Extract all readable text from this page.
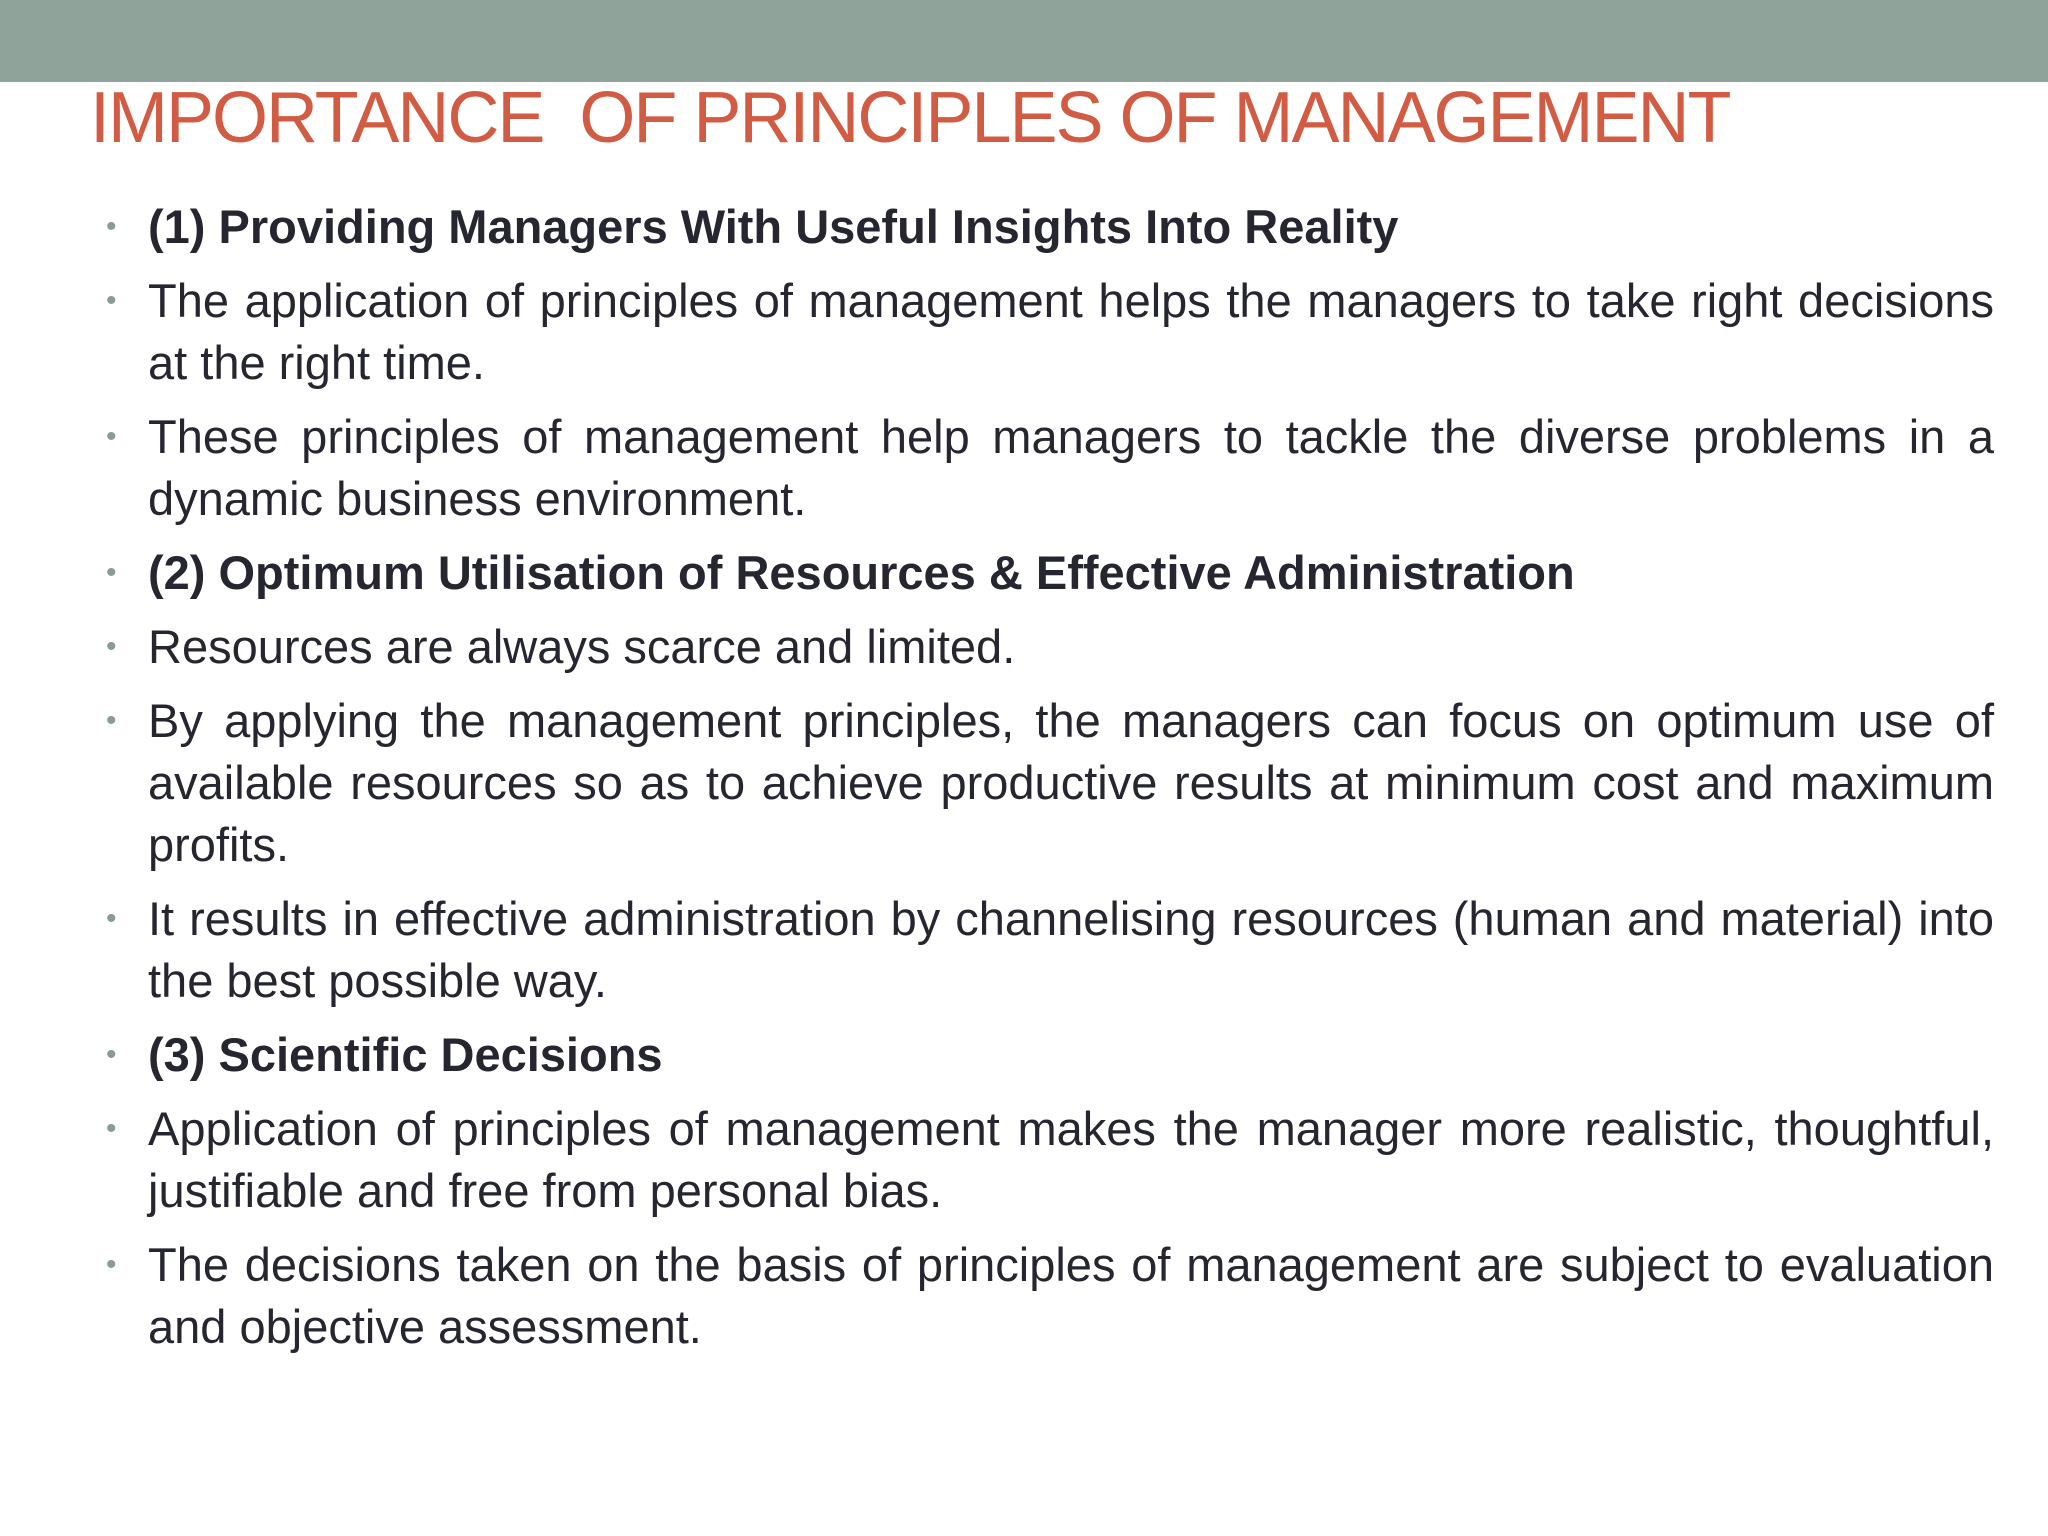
IMPORTANCE  OF PRINCIPLES OF MANAGEMENT
• (1) Providing Managers With Useful Insights Into Reality
• The application of principles of management helps the managers to take right decisions at the right time.
• These principles of management help managers to tackle the diverse problems in a dynamic business environment.
• (2) Optimum Utilisation of Resources & Effective Administration
• Resources are always scarce and limited.
• By applying the management principles, the managers can focus on optimum use of available resources so as to achieve productive results at minimum cost and maximum profits.
• It results in effective administration by channelising resources (human and material) into the best possible way.
• (3) Scientific Decisions
• Application of principles of management makes the manager more realistic, thoughtful, justifiable and free from personal bias.
• The decisions taken on the basis of principles of management are subject to evaluation and objective assessment.
